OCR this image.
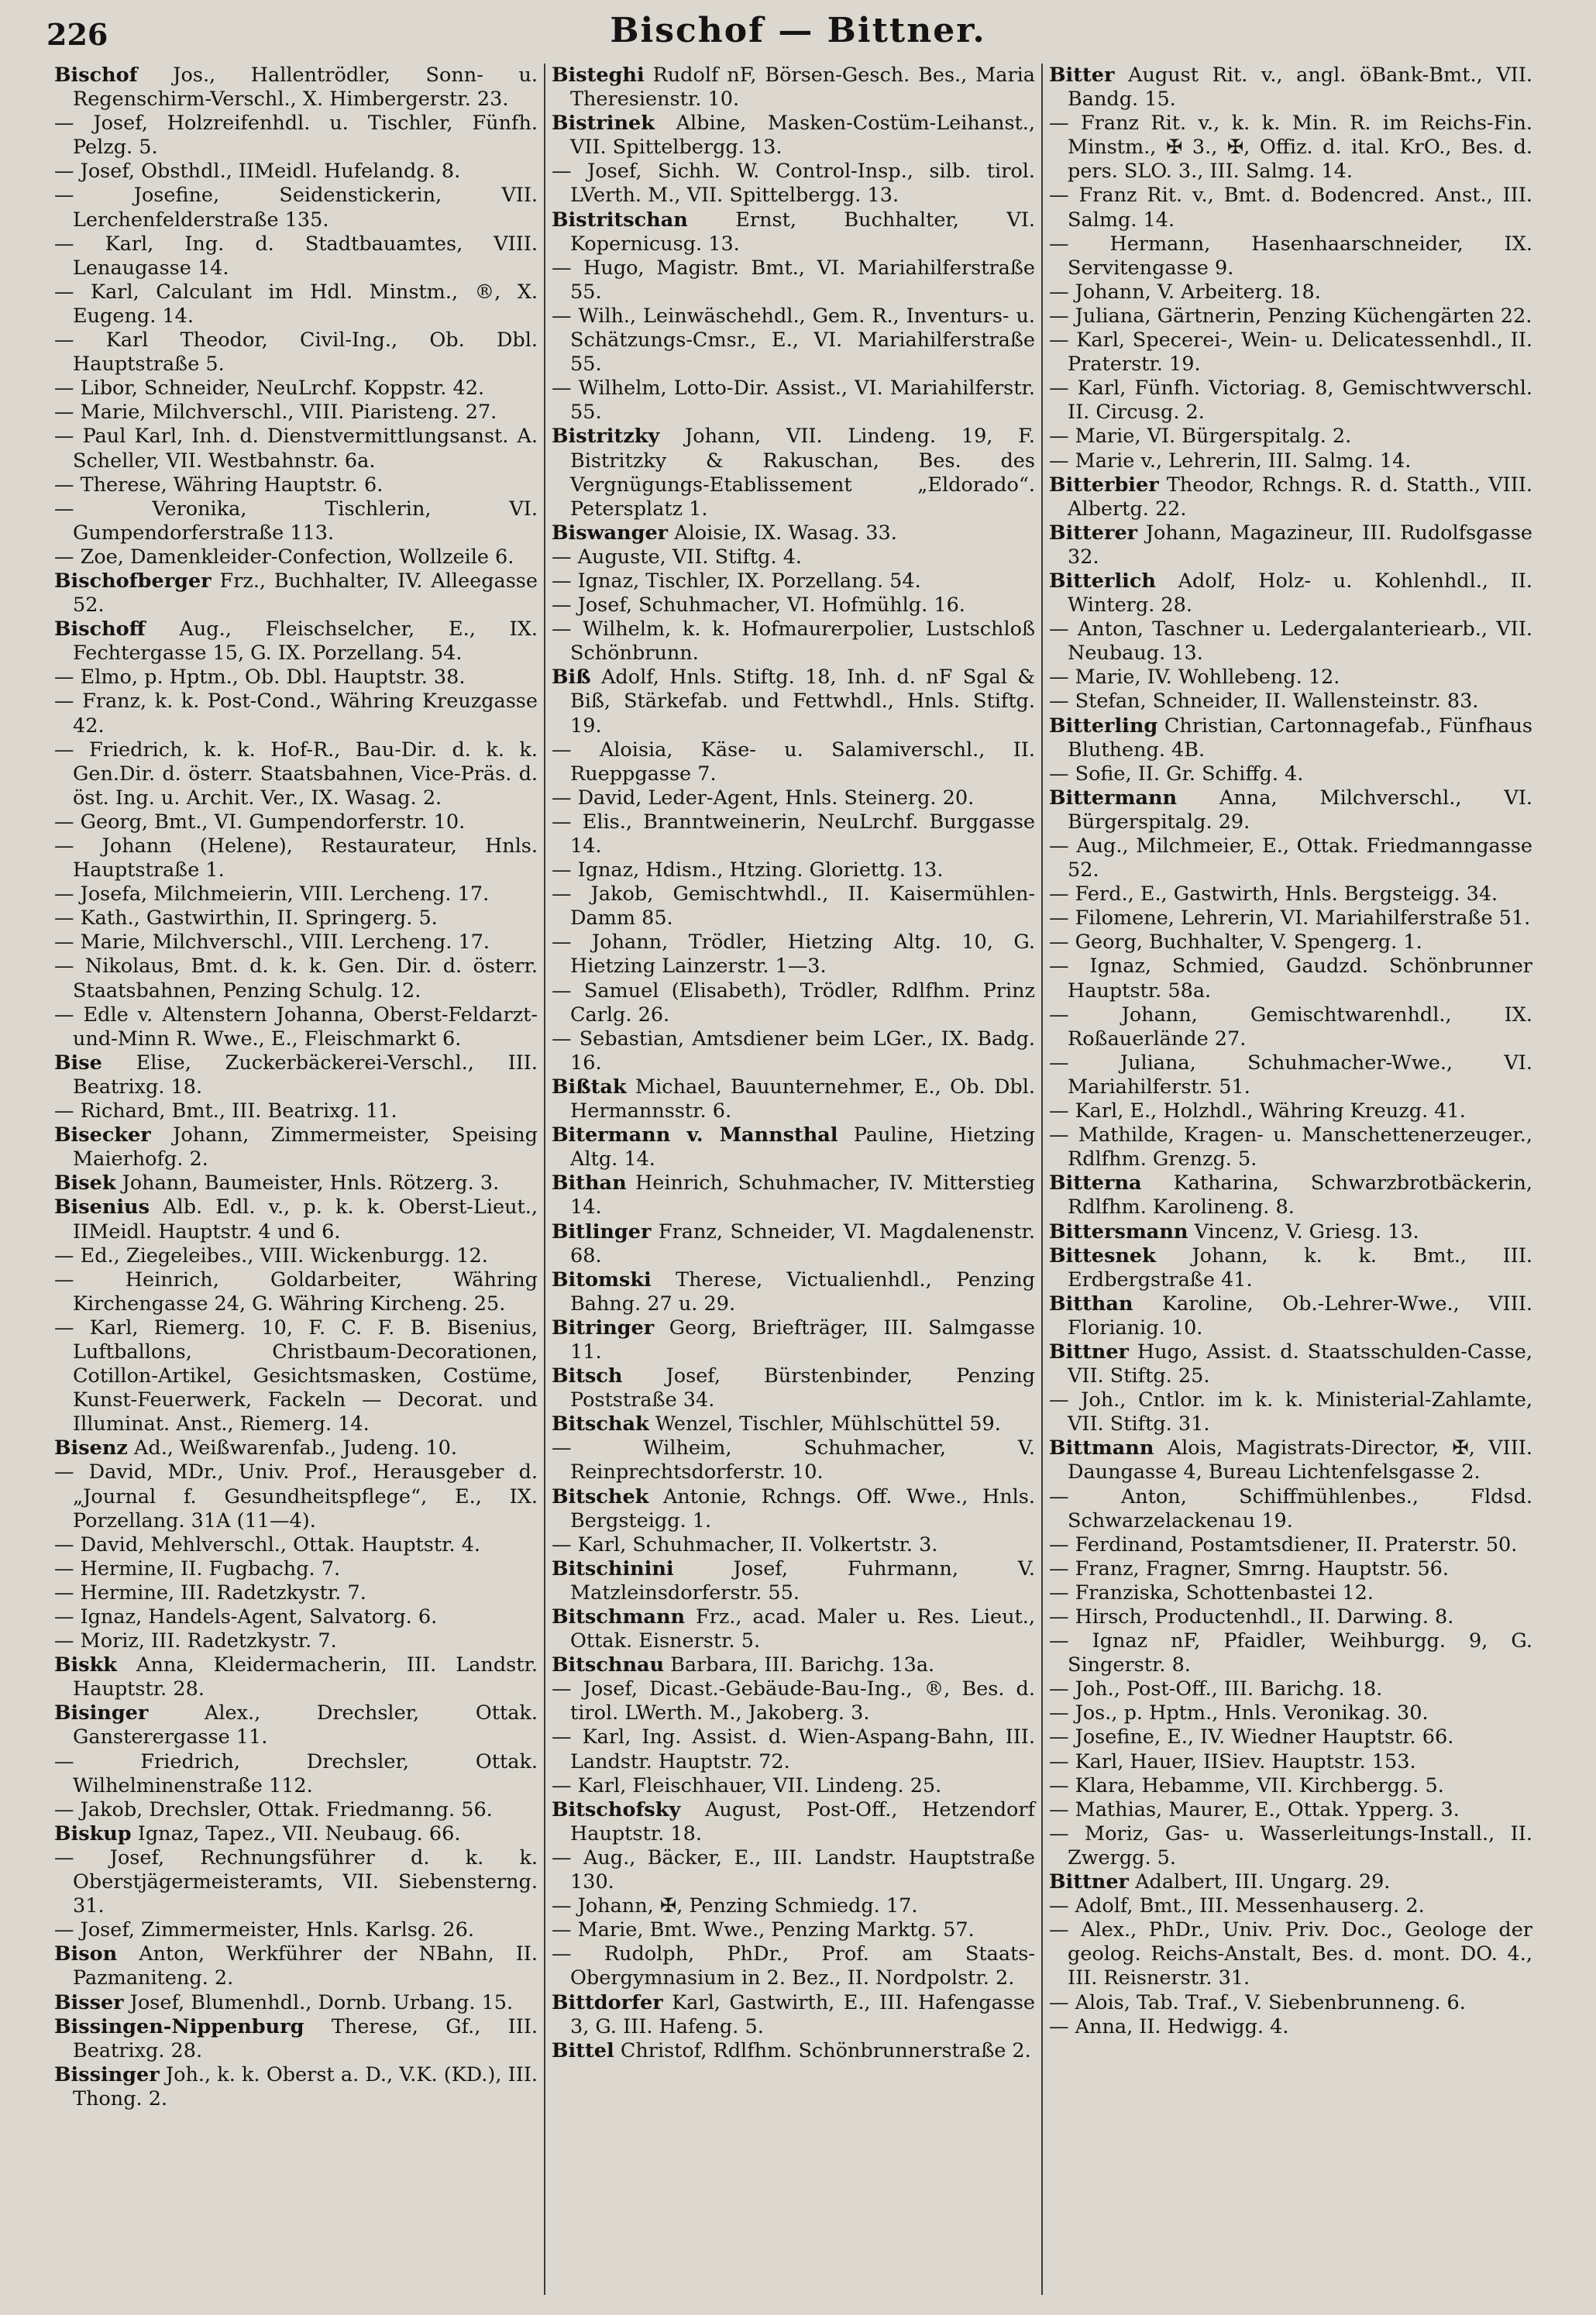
226	Bischof — Bittner.

Bischof Jos., Hallentrödler, Sonn- u. Regenschirm-Verschl., X. Himbergerstr. 23.

— Josef, Holzreifenhdl. u. Tischler, Fünfh. Pelzg. 5.

— Josef, Obsthdl., IIMeidl. Hufelandg. 8.

— Josefine, Seidenstickerin, VII. Lerchenfelderstraße 135.

— Karl, Ing. d. Stadtbauamtes, VIII. Lenaugasse 14.

— Karl, Calculant im Hdl. Minstm., ®, X. Eugeng. 14.

— Karl Theodor, Civil-Ing., Ob. Dbl. Hauptstraße 5.

— Libor, Schneider, NeuLrchf. Koppstr. 42.

— Marie, Milchverschl., VIII. Piaristeng. 27.

— Paul Karl, Inh. d. Dienstvermittlungsanst. A. Scheller, VII. Westbahnstr. 6a.

— Therese, Währing Hauptstr. 6.

— Veronika, Tischlerin, VI. Gumpendorferstraße 113.

— Zoe, Damenkleider-Confection, Wollzeile 6.

Bischofberger Frz., Buchhalter, IV. Alleegasse 52.

Bischoff Aug., Fleischselcher, E., IX. Fechtergasse 15, G. IX. Porzellang. 54.

— Elmo, p. Hptm., Ob. Dbl. Hauptstr. 38.

— Franz, k. k. Post-Cond., Währing Kreuzgasse 42.

— Friedrich, k. k. Hof-R., Bau-Dir. d. k. k. Gen.Dir. d. österr. Staatsbahnen, Vice-Präs. d. öst. Ing. u. Archit. Ver., IX. Wasag. 2.

— Georg, Bmt., VI. Gumpendorferstr. 10.

— Johann (Helene), Restaurateur, Hnls. Hauptstraße 1.

— Josefa, Milchmeierin, VIII. Lercheng. 17.

— Kath., Gastwirthin, II. Springerg. 5.

— Marie, Milchverschl., VIII. Lercheng. 17.

— Nikolaus, Bmt. d. k. k. Gen. Dir. d. österr. Staatsbahnen, Penzing Schulg. 12.

— Edle v. Altenstern Johanna, Oberst-Feldarzt-und-Minn R. Wwe., E., Fleischmarkt 6.

Bise Elise, Zuckerbäckerei-Verschl., III. Beatrixg. 18.

— Richard, Bmt., III. Beatrixg. 11.

Bisecker Johann, Zimmermeister, Speising Maierhofg. 2.

Bisek Johann, Baumeister, Hnls. Rötzerg. 3.

Bisenius Alb. Edl. v., p. k. k. Oberst-Lieut., IIMeidl. Hauptstr. 4 und 6.

— Ed., Ziegeleibes., VIII. Wickenburgg. 12.

— Heinrich, Goldarbeiter, Währing Kirchengasse 24, G. Währing Kircheng. 25.

— Karl, Riemerg. 10, F. C. F. B. Bisenius, Luftballons, Christbaum-Decorationen, Cotillon-Artikel, Gesichtsmasken, Costüme, Kunst-Feuerwerk, Fackeln — Decorat. und Illuminat. Anst., Riemerg. 14.

Bisenz Ad., Weißwarenfab., Judeng. 10.

— David, MDr., Univ. Prof., Herausgeber d. „Journal f. Gesundheitspflege“, E., IX. Porzellang. 31A (11—4).

— David, Mehlverschl., Ottak. Hauptstr. 4.

— Hermine, II. Fugbachg. 7.

— Hermine, III. Radetzkystr. 7.

— Ignaz, Handels-Agent, Salvatorg. 6.

— Moriz, III. Radetzkystr. 7.

Biskk Anna, Kleidermacherin, III. Landstr. Hauptstr. 28.

Bisinger Alex., Drechsler, Ottak. Gansterergasse 11.

— Friedrich, Drechsler, Ottak. Wilhelminenstraße 112.

— Jakob, Drechsler, Ottak. Friedmanng. 56.

Biskup Ignaz, Tapez., VII. Neubaug. 66.

— Josef, Rechnungsführer d. k. k. Oberstjägermeisteramts, VII. Siebensterng. 31.

— Josef, Zimmermeister, Hnls. Karlsg. 26.

Bison Anton, Werkführer der NBahn, II. Pazmaniteng. 2.

Bisser Josef, Blumenhdl., Dornb. Urbang. 15.

Bissingen-Nippenburg Therese, Gf., III. Beatrixg. 28.

Bissinger Joh., k. k. Oberst a. D., V.K. (KD.), III. Thong. 2.

Bisteghi Rudolf nF, Börsen-Gesch. Bes., Maria Theresienstr. 10.

Bistrinek Albine, Masken-Costüm-Leihanst., VII. Spittelbergg. 13.

— Josef, Sichh. W. Control-Insp., silb. tirol. LVerth. M., VII. Spittelbergg. 13.

Bistritschan Ernst, Buchhalter, VI. Kopernicusg. 13.

— Hugo, Magistr. Bmt., VI. Mariahilferstraße 55.

— Wilh., Leinwäschehdl., Gem. R., Inventurs- u. Schätzungs-Cmsr., E., VI. Mariahilferstraße 55.

— Wilhelm, Lotto-Dir. Assist., VI. Mariahilferstr. 55.

Bistritzky Johann, VII. Lindeng. 19, F. Bistritzky & Rakuschan, Bes. des Vergnügungs-Etablissement „Eldorado“. Petersplatz 1.

Biswanger Aloisie, IX. Wasag. 33.

— Auguste, VII. Stiftg. 4.

— Ignaz, Tischler, IX. Porzellang. 54.

— Josef, Schuhmacher, VI. Hofmühlg. 16.

— Wilhelm, k. k. Hofmaurerpolier, Lustschloß Schönbrunn.

Biß Adolf, Hnls. Stiftg. 18, Inh. d. nF Sgal & Biß, Stärkefab. und Fettwhdl., Hnls. Stiftg. 19.

— Aloisia, Käse- u. Salamiverschl., II. Rueppgasse 7.

— David, Leder-Agent, Hnls. Steinerg. 20.

— Elis., Branntweinerin, NeuLrchf. Burggasse 14.

— Ignaz, Hdism., Htzing. Gloriettg. 13.

— Jakob, Gemischtwhdl., II. Kaisermühlen-Damm 85.

— Johann, Trödler, Hietzing Altg. 10, G. Hietzing Lainzerstr. 1—3.

— Samuel (Elisabeth), Trödler, Rdlfhm. Prinz Carlg. 26.

— Sebastian, Amtsdiener beim LGer., IX. Badg. 16.

Bißtak Michael, Bauunternehmer, E., Ob. Dbl. Hermannsstr. 6.

Bitermann v. Mannsthal Pauline, Hietzing Altg. 14.

Bithan Heinrich, Schuhmacher, IV. Mitterstieg 14.

Bitlinger Franz, Schneider, VI. Magdalenenstr. 68.

Bitomski Therese, Victualienhdl., Penzing Bahng. 27 u. 29.

Bitringer Georg, Briefträger, III. Salmgasse 11.

Bitsch Josef, Bürstenbinder, Penzing Poststraße 34.

Bitschak Wenzel, Tischler, Mühlschüttel 59.

— Wilheim, Schuhmacher, V. Reinprechtsdorferstr. 10.

Bitschek Antonie, Rchngs. Off. Wwe., Hnls. Bergsteigg. 1.

— Karl, Schuhmacher, II. Volkertstr. 3.

Bitschinini Josef, Fuhrmann, V. Matzleinsdorferstr. 55.

Bitschmann Frz., acad. Maler u. Res. Lieut., Ottak. Eisnerstr. 5.

Bitschnau Barbara, III. Barichg. 13a.

— Josef, Dicast.-Gebäude-Bau-Ing., ®, Bes. d. tirol. LWerth. M., Jakoberg. 3.

— Karl, Ing. Assist. d. Wien-Aspang-Bahn, III. Landstr. Hauptstr. 72.

— Karl, Fleischhauer, VII. Lindeng. 25.

Bitschofsky August, Post-Off., Hetzendorf Hauptstr. 18.

— Aug., Bäcker, E., III. Landstr. Hauptstraße 130.

— Johann, ✠, Penzing Schmiedg. 17.

— Marie, Bmt. Wwe., Penzing Marktg. 57.

— Rudolph, PhDr., Prof. am Staats-Obergymnasium in 2. Bez., II. Nordpolstr. 2.

Bittdorfer Karl, Gastwirth, E., III. Hafengasse 3, G. III. Hafeng. 5.

Bittel Christof, Rdlfhm. Schönbrunnerstraße 2.

Bitter August Rit. v., angl. öBank-Bmt., VII. Bandg. 15.

— Franz Rit. v., k. k. Min. R. im Reichs-Fin. Minstm., ✠ 3., ✠, Offiz. d. ital. KrO., Bes. d. pers. SLO. 3., III. Salmg. 14.

— Franz Rit. v., Bmt. d. Bodencred. Anst., III. Salmg. 14.

— Hermann, Hasenhaarschneider, IX. Servitengasse 9.

— Johann, V. Arbeiterg. 18.

— Juliana, Gärtnerin, Penzing Küchengärten 22.

— Karl, Specerei-, Wein- u. Delicatessenhdl., II. Praterstr. 19.

— Karl, Fünfh. Victoriag. 8, Gemischtwverschl. II. Circusg. 2.

— Marie, VI. Bürgerspitalg. 2.

— Marie v., Lehrerin, III. Salmg. 14.

Bitterbier Theodor, Rchngs. R. d. Statth., VIII. Albertg. 22.

Bitterer Johann, Magazineur, III. Rudolfsgasse 32.

Bitterlich Adolf, Holz- u. Kohlenhdl., II. Winterg. 28.

— Anton, Taschner u. Ledergalanteriearb., VII. Neubaug. 13.

— Marie, IV. Wohllebeng. 12.

— Stefan, Schneider, II. Wallensteinstr. 83.

Bitterling Christian, Cartonnagefab., Fünfhaus Blutheng. 4B.

— Sofie, II. Gr. Schiffg. 4.

Bittermann Anna, Milchverschl., VI. Bürgerspitalg. 29.

— Aug., Milchmeier, E., Ottak. Friedmanngasse 52.

— Ferd., E., Gastwirth, Hnls. Bergsteigg. 34.

— Filomene, Lehrerin, VI. Mariahilferstraße 51.

— Georg, Buchhalter, V. Spengerg. 1.

— Ignaz, Schmied, Gaudzd. Schönbrunner Hauptstr. 58a.

— Johann, Gemischtwarenhdl., IX. Roßauerlände 27.

— Juliana, Schuhmacher-Wwe., VI. Mariahilferstr. 51.

— Karl, E., Holzhdl., Währing Kreuzg. 41.

— Mathilde, Kragen- u. Manschettenerzeuger., Rdlfhm. Grenzg. 5.

Bitterna Katharina, Schwarzbrotbäckerin, Rdlfhm. Karolineng. 8.

Bittersmann Vincenz, V. Griesg. 13.

Bittesnek Johann, k. k. Bmt., III. Erdbergstraße 41.

Bitthan Karoline, Ob.-Lehrer-Wwe., VIII. Florianig. 10.

Bittner Hugo, Assist. d. Staatsschulden-Casse, VII. Stiftg. 25.

— Joh., Cntlor. im k. k. Ministerial-Zahlamte, VII. Stiftg. 31.

Bittmann Alois, Magistrats-Director, ✠, VIII. Daungasse 4, Bureau Lichtenfelsgasse 2.

— Anton, Schiffmühlenbes., Fldsd. Schwarzelackenau 19.

— Ferdinand, Postamtsdiener, II. Praterstr. 50.

— Franz, Fragner, Smrng. Hauptstr. 56.

— Franziska, Schottenbastei 12.

— Hirsch, Productenhdl., II. Darwing. 8.

— Ignaz nF, Pfaidler, Weihburgg. 9, G. Singerstr. 8.

— Joh., Post-Off., III. Barichg. 18.

— Jos., p. Hptm., Hnls. Veronikag. 30.

— Josefine, E., IV. Wiedner Hauptstr. 66.

— Karl, Hauer, IISiev. Hauptstr. 153.

— Klara, Hebamme, VII. Kirchbergg. 5.

— Mathias, Maurer, E., Ottak. Ypperg. 3.

— Moriz, Gas- u. Wasserleitungs-Install., II. Zwergg. 5.

Bittner Adalbert, III. Ungarg. 29.

— Adolf, Bmt., III. Messenhauserg. 2.

— Alex., PhDr., Univ. Priv. Doc., Geologe der geolog. Reichs-Anstalt, Bes. d. mont. DO. 4., III. Reisnerstr. 31.

— Alois, Tab. Traf., V. Siebenbrunneng. 6.

— Anna, II. Hedwigg. 4.
